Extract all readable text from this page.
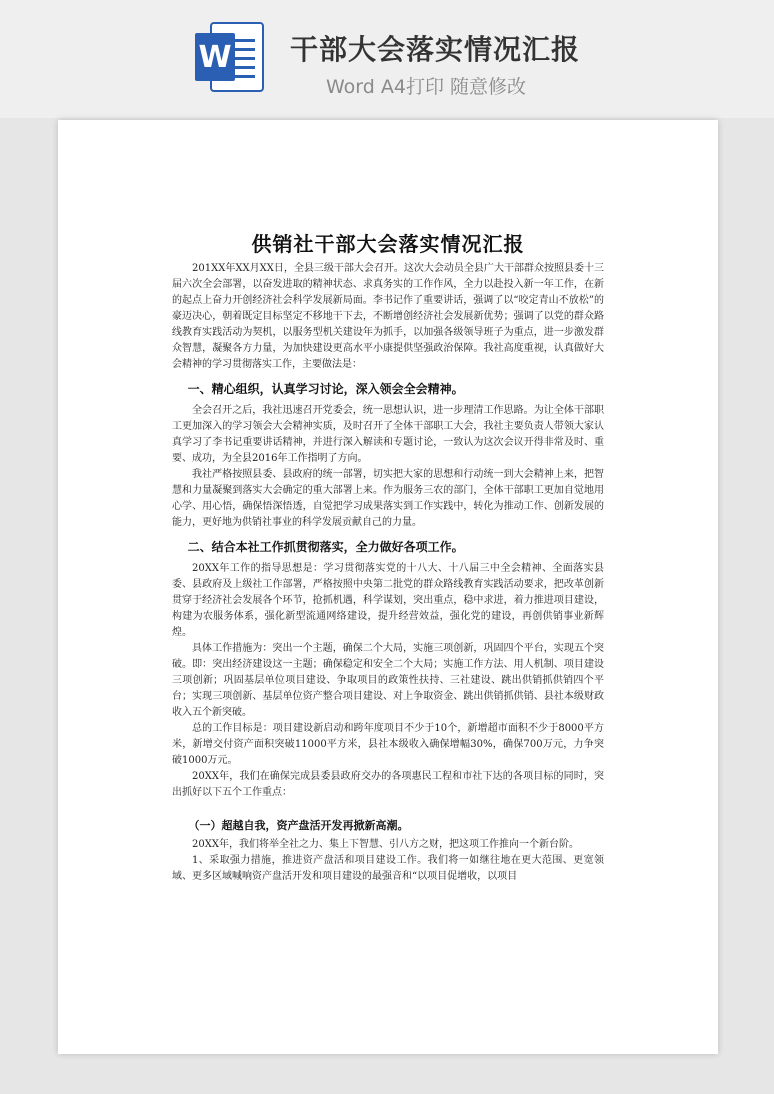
W 干部大会落实情况汇报
Word A4打印 随意修改
供销社干部大会落实情况汇报

201XX年XX月XX日，全县三级干部大会召开。这次大会动员全县广大干部群众按照县委十三届六次全会部署，以奋发进取的精神状态、求真务实的工作作风，全力以赴投入新一年工作，在新的起点上奋力开创经济社会科学发展新局面。李书记作了重要讲话，强调了以“咬定青山不放松”的豪迈决心，朝着既定目标坚定不移地干下去，不断增创经济社会发展新优势；强调了以党的群众路线教育实践活动为契机，以服务型机关建设年为抓手，以加强各级领导班子为重点，进一步激发群众智慧，凝聚各方力量，为加快建设更高水平小康提供坚强政治保障。我社高度重视，认真做好大会精神的学习贯彻落实工作，主要做法是：

一、精心组织，认真学习讨论，深入领会全会精神。

全会召开之后，我社迅速召开党委会，统一思想认识，进一步理清工作思路。为让全体干部职工更加深入的学习领会大会精神实质，及时召开了全体干部职工大会，我社主要负责人带领大家认真学习了李书记重要讲话精神，并进行深入解读和专题讨论，一致认为这次会议开得非常及时、重要、成功，为全县2016年工作指明了方向。

我社严格按照县委、县政府的统一部署，切实把大家的思想和行动统一到大会精神上来，把智慧和力量凝聚到落实大会确定的重大部署上来。作为服务三农的部门，全体干部职工更加自觉地用心学、用心悟，确保悟深悟透，自觉把学习成果落实到工作实践中，转化为推动工作、创新发展的能力，更好地为供销社事业的科学发展贡献自己的力量。

二、结合本社工作抓贯彻落实，全力做好各项工作。

20XX年工作的指导思想是：学习贯彻落实党的十八大、十八届三中全会精神、全面落实县委、县政府及上级社工作部署，严格按照中央第二批党的群众路线教育实践活动要求，把改革创新贯穿于经济社会发展各个环节，抢抓机遇，科学谋划，突出重点，稳中求进，着力推进项目建设，构建为农服务体系，强化新型流通网络建设，提升经营效益，强化党的建设，再创供销事业新辉煌。

具体工作措施为：突出一个主题，确保二个大局，实施三项创新，巩固四个平台，实现五个突破。即：突出经济建设这一主题；确保稳定和安全二个大局；实施工作方法、用人机制、项目建设三项创新；巩固基层单位项目建设、争取项目的政策性扶持、三社建设、跳出供销抓供销四个平台；实现三项创新、基层单位资产整合项目建设、对上争取资金、跳出供销抓供销、县社本级财政收入五个新突破。

总的工作目标是：项目建设新启动和跨年度项目不少于10个，新增超市面积不少于8000平方米，新增交付资产面积突破11000平方米，县社本级收入确保增幅30%，确保700万元，力争突破1000万元。

20XX年，我们在确保完成县委县政府交办的各项惠民工程和市社下达的各项目标的同时，突出抓好以下五个工作重点：

（一）超越自我，资产盘活开发再掀新高潮。

20XX年，我们将举全社之力、集上下智慧、引八方之财，把这项工作推向一个新台阶。

1、采取强力措施，推进资产盘活和项目建设工作。我们将一如继往地在更大范围、更宽领域、更多区域喊响资产盘活开发和项目建设的最强音和“以项目促增收，以项目
